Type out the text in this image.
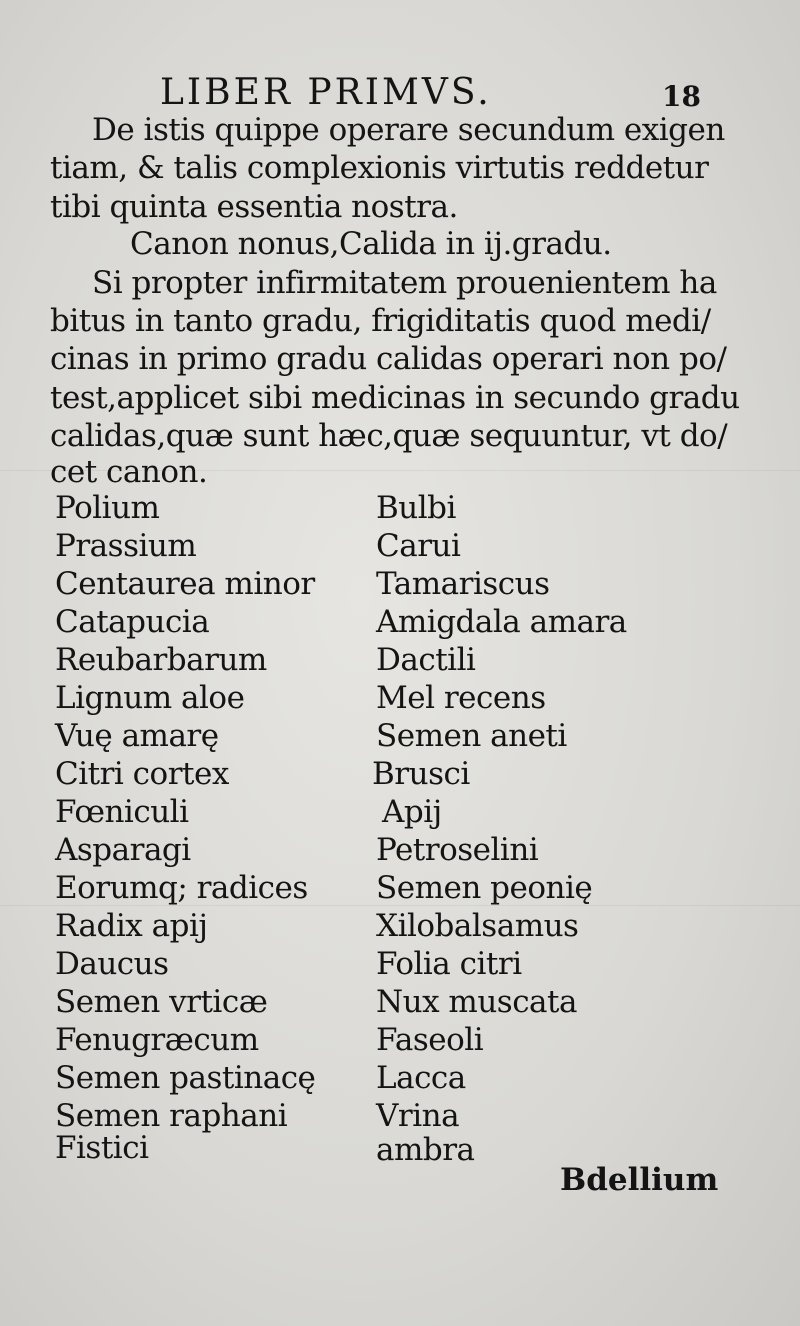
LIBER PRIMVS.	18
De istis quippe operare secundum exigen
tiam, & talis complexionis virtutis reddetur
tibi quinta essentia nostra.
Canon nonus,Calida in ij.gradu.
Si propter infirmitatem prouenientem ha
bitus in tanto gradu, frigiditatis quod medi/
cinas in primo gradu calidas operari non po/
test,applicet sibi medicinas in secundo gradu
calidas,quæ sunt hæc,quæ sequuntur, vt do/
cet canon.
Polium
Prassium
Centaurea minor
Catapucia
Reubarbarum
Lignum aloe
Vuę amarę
Citri cortex
Fœniculi
Asparagi
Eorumq; radices
Radix apij
Daucus
Semen vrticæ
Fenugræcum
Semen pastinacę
Semen raphani
Fistici
Bulbi
Carui
Tamariscus
Amigdala amara
Dactili
Mel recens
Semen aneti
Brusci
Apij
Petroselini
Semen peonię
Xilobalsamus
Folia citri
Nux muscata
Faseoli
Lacca
Vrina
ambra
Bdellium
